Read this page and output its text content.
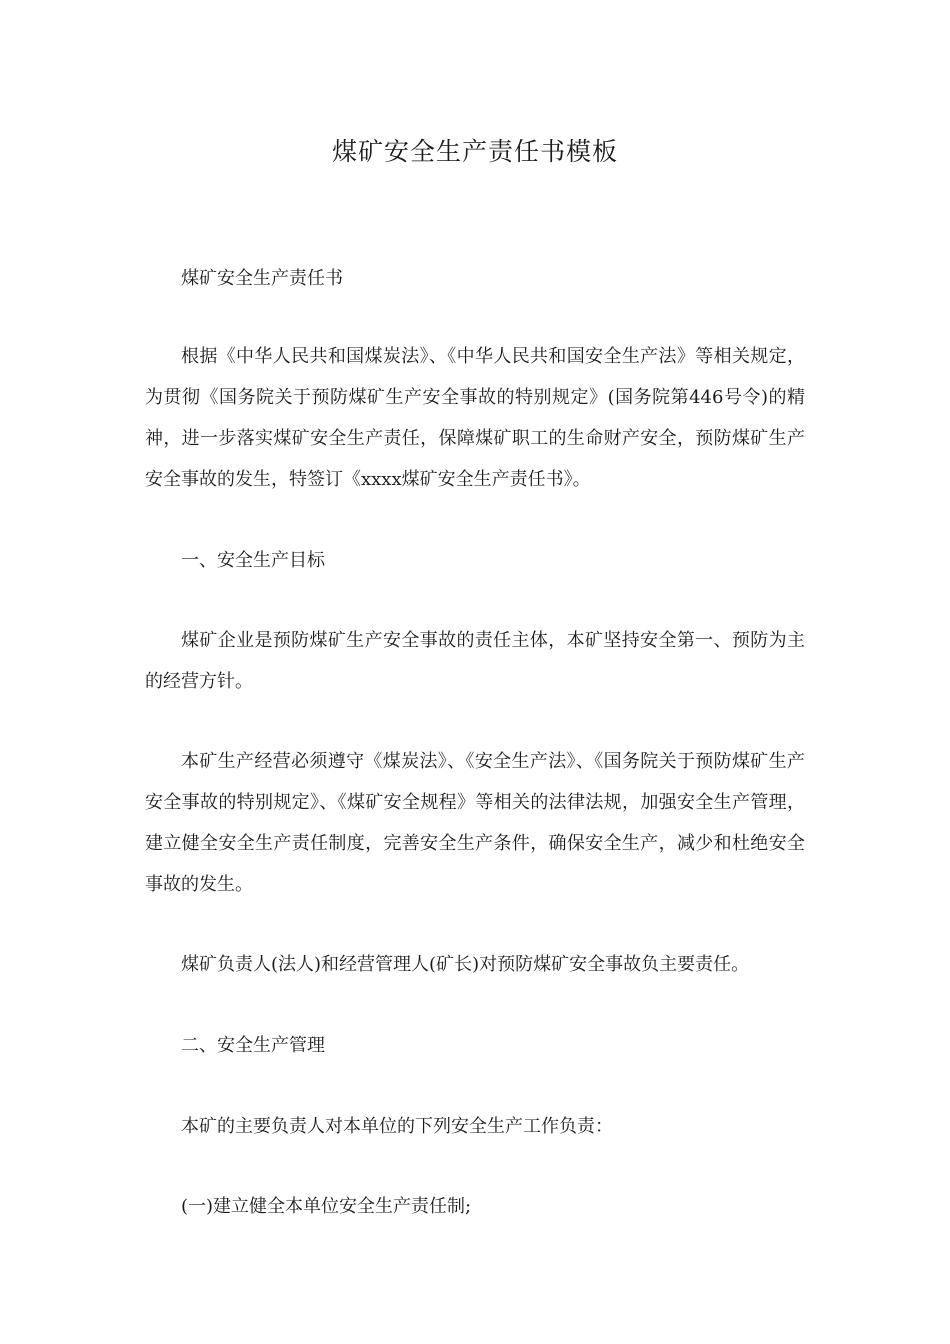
煤矿安全生产责任书模板

煤矿安全生产责任书

根据《中华人民共和国煤炭法》、《中华人民共和国安全生产法》等相关规定，为贯彻《国务院关于预防煤矿生产安全事故的特别规定》(国务院第446号令)的精神，进一步落实煤矿安全生产责任，保障煤矿职工的生命财产安全，预防煤矿生产安全事故的发生，特签订《xxxx煤矿安全生产责任书》。

一、安全生产目标

煤矿企业是预防煤矿生产安全事故的责任主体，本矿坚持安全第一、预防为主的经营方针。

本矿生产经营必须遵守《煤炭法》、《安全生产法》、《国务院关于预防煤矿生产安全事故的特别规定》、《煤矿安全规程》等相关的法律法规，加强安全生产管理，建立健全安全生产责任制度，完善安全生产条件，确保安全生产，减少和杜绝安全事故的发生。

煤矿负责人(法人)和经营管理人(矿长)对预防煤矿安全事故负主要责任。

二、安全生产管理

本矿的主要负责人对本单位的下列安全生产工作负责：

(一)建立健全本单位安全生产责任制;
